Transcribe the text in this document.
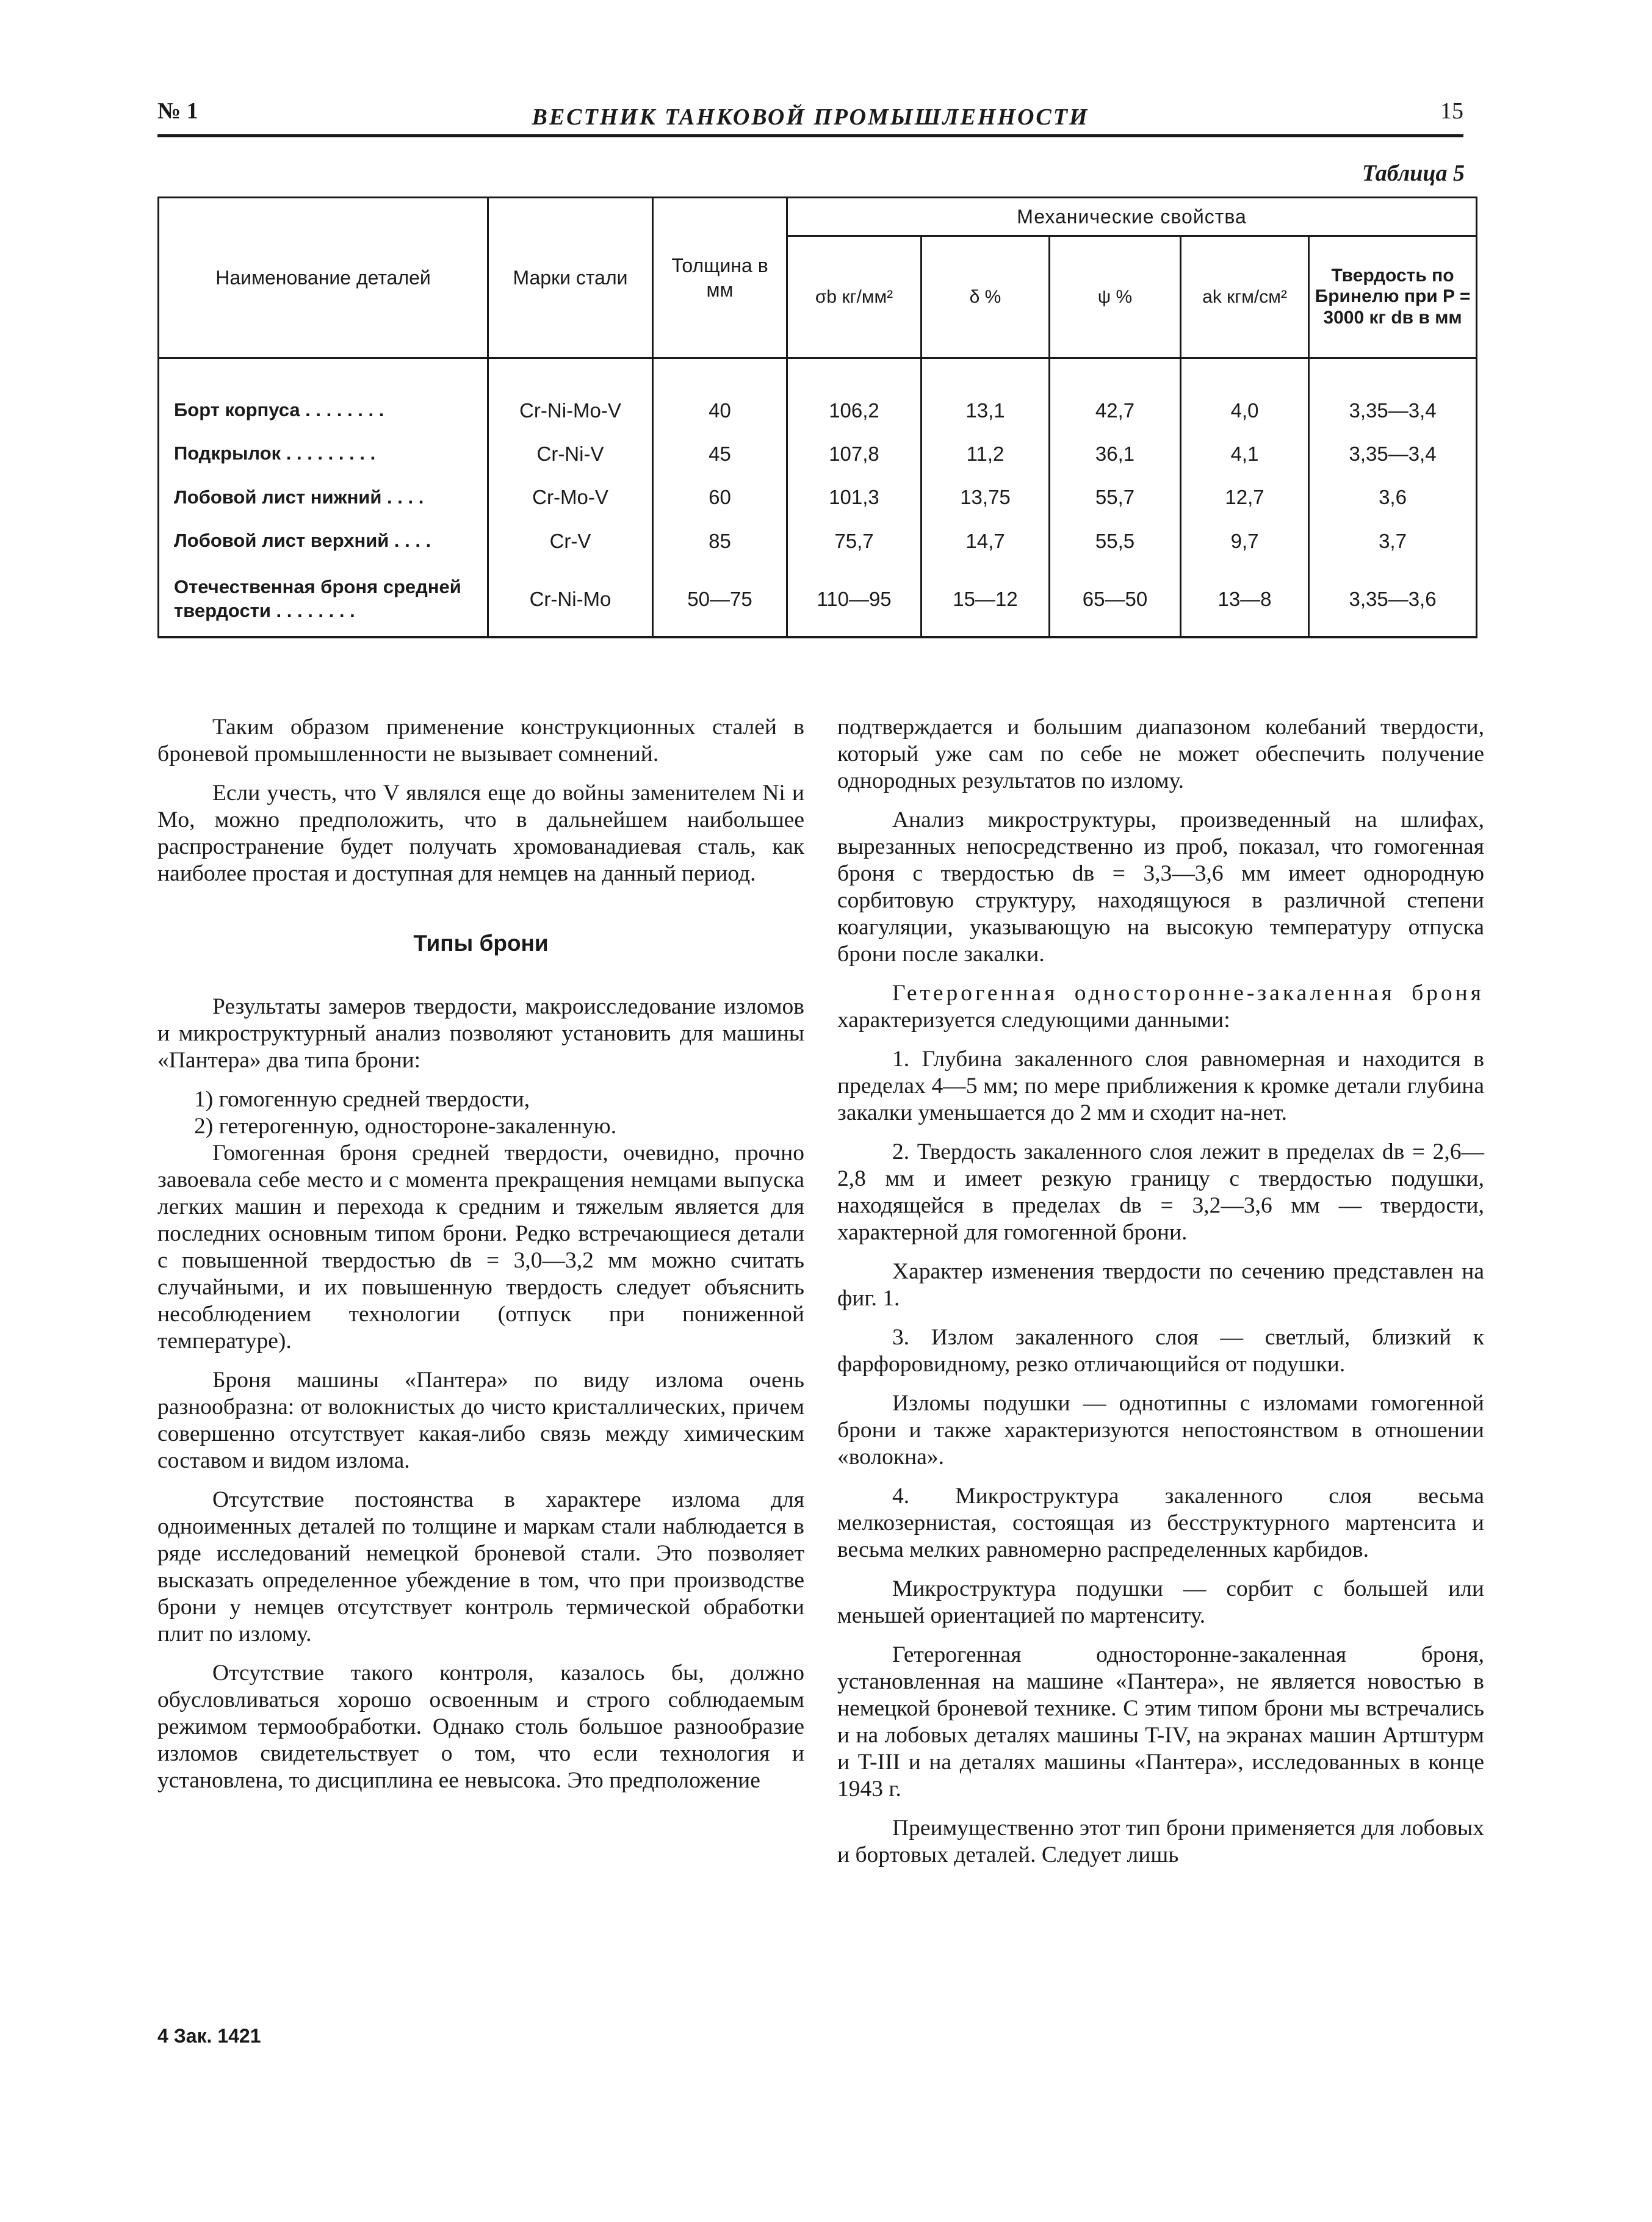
№ 1	ВЕСТНИК ТАНКОВОЙ ПРОМЫШЛЕННОСТИ	15
Таблица 5
Наименование деталей	Марки стали	Толщина в мм	Механические свойства				
			σb кг/мм²	δ %	ψ %	ak кгм/см²	Твердость по Бринелю при P = 3000 кг dв в мм

Борт корпуса . . . . . . . .	Cr-Ni-Mo-V	40	106,2	13,1	42,7	4,0	3,35—3,4
Подкрылок . . . . . . . . .	Cr-Ni-V	45	107,8	11,2	36,1	4,1	3,35—3,4
Лобовой лист нижний . . . .	Cr-Mo-V	60	101,3	13,75	55,7	12,7	3,6
Лобовой лист верхний . . . .	Cr-V	85	75,7	14,7	55,5	9,7	3,7
Отечественная броня средней твердости . . . . . . . .	Cr-Ni-Mo	50—75	110—95	15—12	65—50	13—8	3,35—3,6

Таким образом применение конструкционных сталей в броневой промышленности не вызывает сомнений.

Если учесть, что V являлся еще до войны заменителем Ni и Mo, можно предположить, что в дальнейшем наибольшее распространение будет получать хромованадиевая сталь, как наиболее простая и доступная для немцев на данный период.

Типы брони

Результаты замеров твердости, макроисследование изломов и микроструктурный анализ позволяют установить для машины «Пантера» два типа брони:

1) гомогенную средней твердости,

2) гетерогенную, одностороне-закаленную.

Гомогенная броня средней твердости, очевидно, прочно завоевала себе место и с момента прекращения немцами выпуска легких машин и перехода к средним и тяжелым является для последних основным типом брони. Редко встречающиеся детали с повышенной твердостью dв = 3,0—3,2 мм можно считать случайными, и их повышенную твердость следует объяснить несоблюдением технологии (отпуск при пониженной температуре).

Броня машины «Пантера» по виду излома очень разнообразна: от волокнистых до чисто кристаллических, причем совершенно отсутствует какая-либо связь между химическим составом и видом излома.

Отсутствие постоянства в характере излома для одноименных деталей по толщине и маркам стали наблюдается в ряде исследований немецкой броневой стали. Это позволяет высказать определенное убеждение в том, что при производстве брони у немцев отсутствует контроль термической обработки плит по излому.

Отсутствие такого контроля, казалось бы, должно обусловливаться хорошо освоенным и строго соблюдаемым режимом термообработки. Однако столь большое разнообразие изломов свидетельствует о том, что если технология и установлена, то дисциплина ее невысока. Это предположение

подтверждается и большим диапазоном колебаний твердости, который уже сам по себе не может обеспечить получение однородных результатов по излому.

Анализ микроструктуры, произведенный на шлифах, вырезанных непосредственно из проб, показал, что гомогенная броня с твердостью dв = 3,3—3,6 мм имеет однородную сорбитовую структуру, находящуюся в различной степени коагуляции, указывающую на высокую температуру отпуска брони после закалки.

Гетерогенная односторонне-закаленная броня характеризуется следующими данными:

1. Глубина закаленного слоя равномерная и находится в пределах 4—5 мм; по мере приближения к кромке детали глубина закалки уменьшается до 2 мм и сходит на-нет.

2. Твердость закаленного слоя лежит в пределах dв = 2,6—2,8 мм и имеет резкую границу с твердостью подушки, находящейся в пределах dв = 3,2—3,6 мм — твердости, характерной для гомогенной брони.

Характер изменения твердости по сечению представлен на фиг. 1.

3. Излом закаленного слоя — светлый, близкий к фарфоровидному, резко отличающийся от подушки.

Изломы подушки — однотипны с изломами гомогенной брони и также характеризуются непостоянством в отношении «волокна».

4. Микроструктура закаленного слоя весьма мелкозернистая, состоящая из бесструктурного мартенсита и весьма мелких равномерно распределенных карбидов.

Микроструктура подушки — сорбит с большей или меньшей ориентацией по мартенситу.

Гетерогенная односторонне-закаленная броня, установленная на машине «Пантера», не является новостью в немецкой броневой технике. С этим типом брони мы встречались и на лобовых деталях машины T-IV, на экранах машин Артштурм и T-III и на деталях машины «Пантера», исследованных в конце 1943 г.

Преимущественно этот тип брони применяется для лобовых и бортовых деталей. Следует лишь

4 Зак. 1421
